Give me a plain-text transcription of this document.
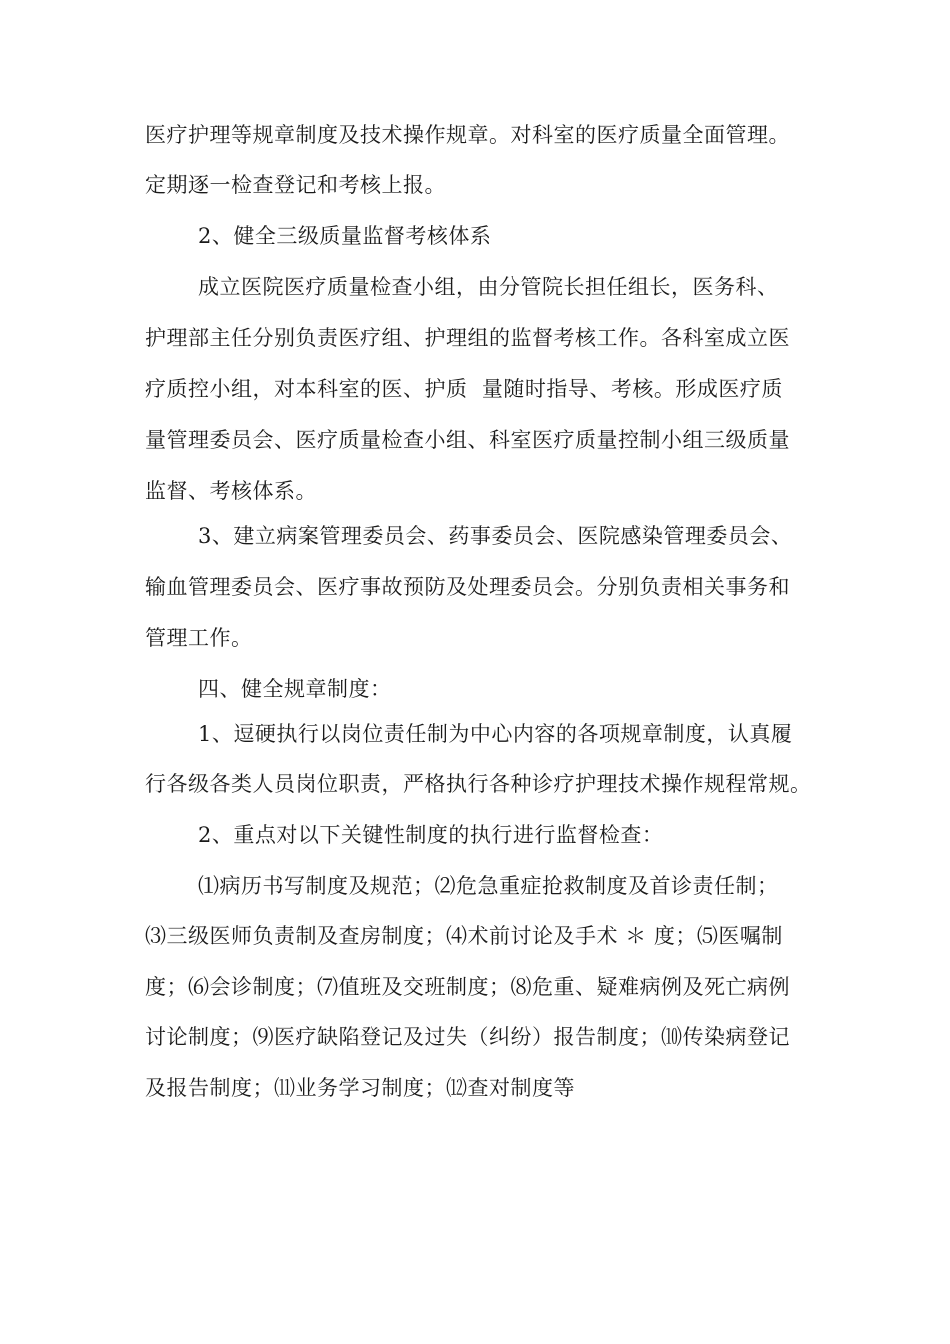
医疗护理等规章制度及技术操作规章。对科室的医疗质量全面管理。

定期逐一检查登记和考核上报。

2、健全三级质量监督考核体系

成立医院医疗质量检查小组，由分管院长担任组长，医务科、

护理部主任分别负责医疗组、护理组的监督考核工作。各科室成立医

疗质控小组，对本科室的医、护质  量随时指导、考核。形成医疗质

量管理委员会、医疗质量检查小组、科室医疗质量控制小组三级质量

监督、考核体系。

3、建立病案管理委员会、药事委员会、医院感染管理委员会、

输血管理委员会、医疗事故预防及处理委员会。分别负责相关事务和

管理工作。

四、健全规章制度：

1、逗硬执行以岗位责任制为中心内容的各项规章制度，认真履

行各级各类人员岗位职责，严格执行各种诊疗护理技术操作规程常规。

2、重点对以下关键性制度的执行进行监督检查：

⑴病历书写制度及规范；⑵危急重症抢救制度及首诊责任制；

⑶三级医师负责制及查房制度；⑷术前讨论及手术 ＊ 度；⑸医嘱制

度；⑹会诊制度；⑺值班及交班制度；⑻危重、疑难病例及死亡病例

讨论制度；⑼医疗缺陷登记及过失（纠纷）报告制度；⑽传染病登记

及报告制度；⑾业务学习制度；⑿查对制度等
